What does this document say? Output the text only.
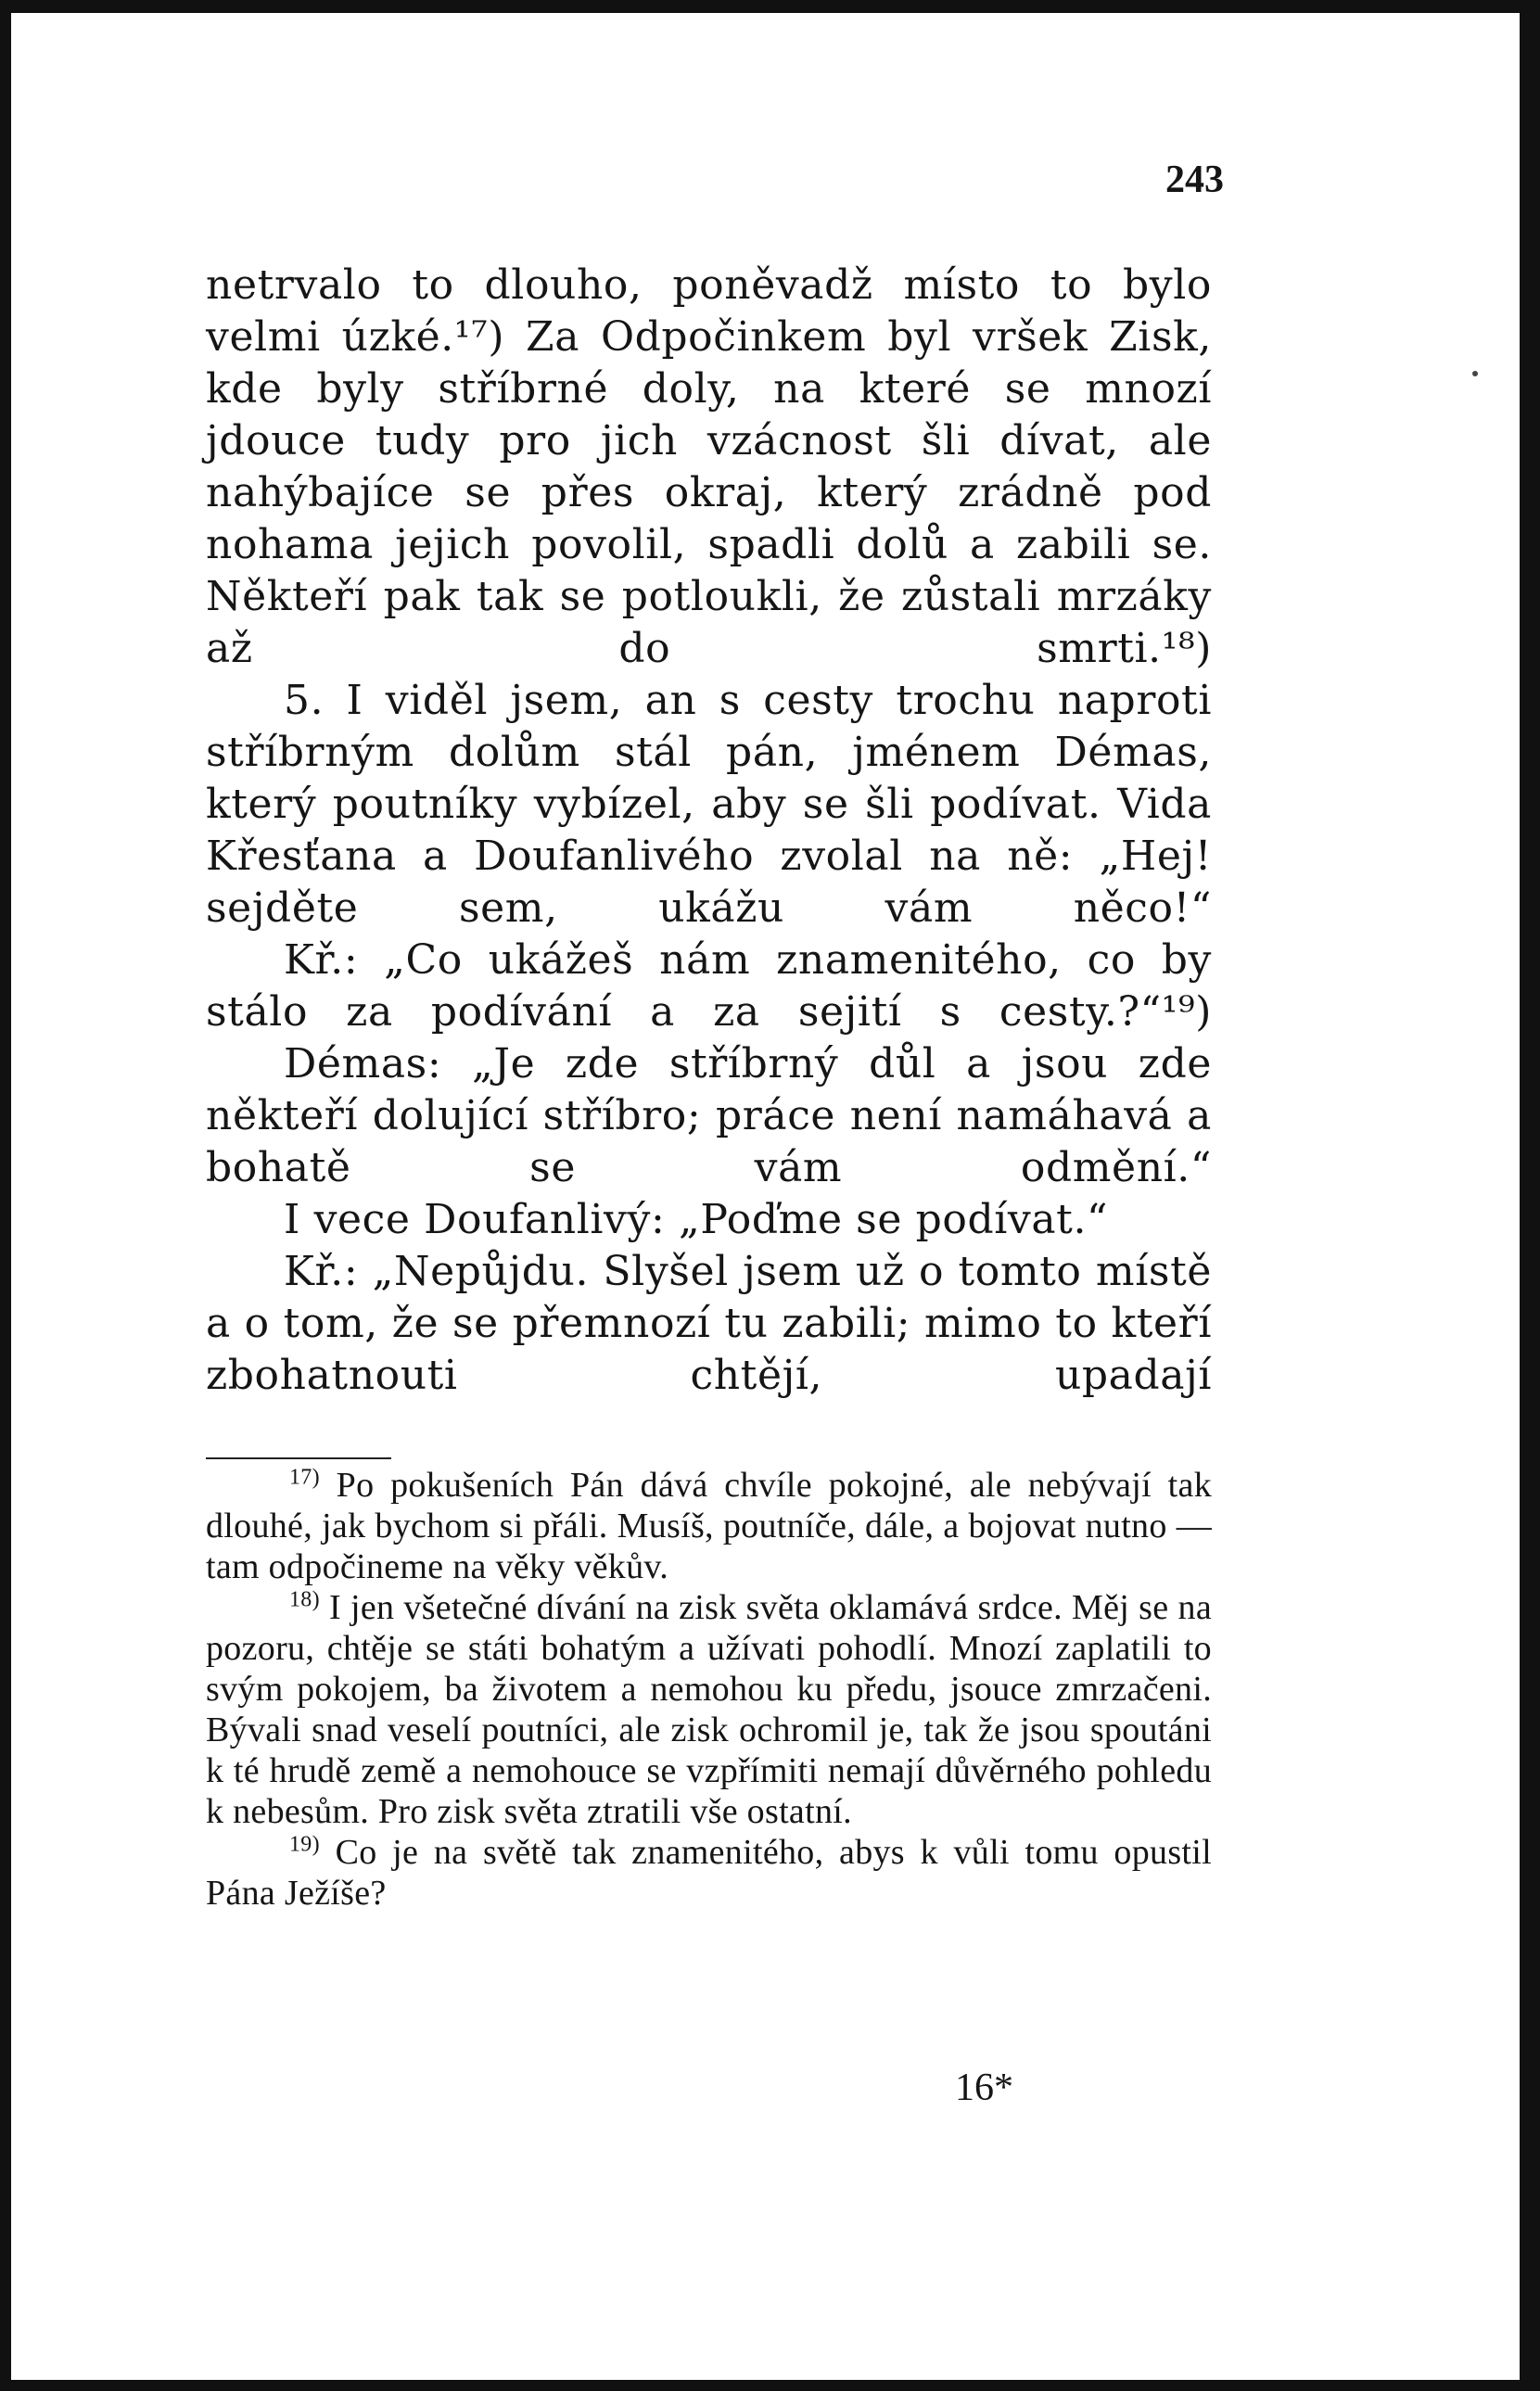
243

netrvalo to dlouho, poněvadž místo to bylo velmi úzké.¹⁷) Za Odpočinkem byl vršek Zisk, kde byly stříbrné doly, na které se mnozí jdouce tudy pro jich vzácnost šli dívat, ale nahýbajíce se přes okraj, který zrádně pod nohama jejich povolil, spadli dolů a zabili se. Někteří pak tak se potloukli, že zůstali mrzáky až do smrti.¹⁸)

5. I viděl jsem, an s cesty trochu naproti stříbrným dolům stál pán, jménem Démas, který poutníky vybízel, aby se šli podívat. Vida Křesťana a Doufanlivého zvolal na ně: „Hej! sejděte sem, ukážu vám něco!“

Kř.: „Co ukážeš nám znamenitého, co by stálo za podívání a za sejití s cesty.?“¹⁹)

Démas: „Je zde stříbrný důl a jsou zde někteří dolující stříbro; práce není namáhavá a bohatě se vám odmění.“

I vece Doufanlivý: „Poďme se podívat.“

Kř.: „Nepůjdu. Slyšel jsem už o tomto místě a o tom, že se přemnozí tu zabili; mimo to kteří zbohatnouti chtějí, upadají

$^{17)}$ Po pokušeních Pán dává chvíle pokojné, ale nebývají tak dlouhé, jak bychom si přáli. Musíš, poutníče, dále, a bojovat nutno — tam odpočineme na věky věkův.

$^{18)}$ I jen všetečné dívání na zisk světa oklamává srdce. Měj se na pozoru, chtěje se státi bohatým a užívati pohodlí. Mnozí zaplatili to svým pokojem, ba životem a nemohou ku předu, jsouce zmrzačeni. Bývali snad veselí poutníci, ale zisk ochromil je, tak že jsou spoutáni k té hrudě země a nemohouce se vzpřímiti nemají důvěrného pohledu k nebesům. Pro zisk světa ztratili vše ostatní.

$^{19)}$ Co je na světě tak znamenitého, abys k vůli tomu opustil Pána Ježíše?

16*
